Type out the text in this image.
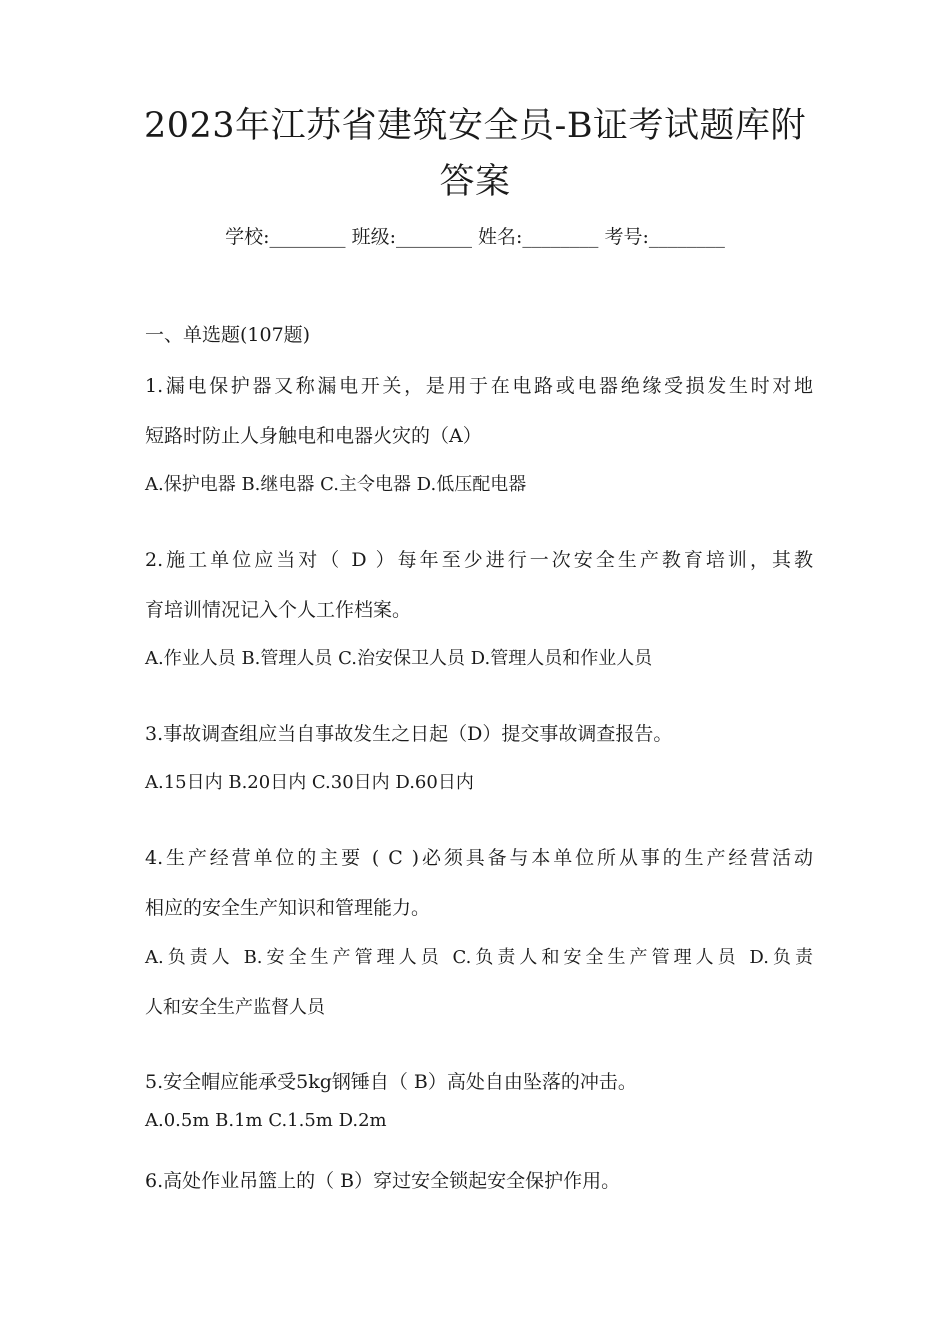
2023年江苏省建筑安全员-B证考试题库附
答案
学校:________ 班级:________ 姓名:________ 考号:________
一、单选题(107题)
1.漏电保护器又称漏电开关，是用于在电路或电器绝缘受损发生时对地
短路时防止人身触电和电器火灾的（A）
A.保护电器 B.继电器 C.主令电器 D.低压配电器
2.施工单位应当对（ D ）每年至少进行一次安全生产教育培训，其教
育培训情况记入个人工作档案。
A.作业人员 B.管理人员 C.治安保卫人员 D.管理人员和作业人员
3.事故调查组应当自事故发生之日起（D）提交事故调查报告。
A.15日内 B.20日内 C.30日内 D.60日内
4.生产经营单位的主要 ( C )必须具备与本单位所从事的生产经营活动
相应的安全生产知识和管理能力。
A.负责人 B.安全生产管理人员 C.负责人和安全生产管理人员 D.负责
人和安全生产监督人员
5.安全帽应能承受5kg钢锤自（ B）高处自由坠落的冲击。
A.0.5m B.1m C.1.5m D.2m
6.高处作业吊篮上的（ B）穿过安全锁起安全保护作用。
